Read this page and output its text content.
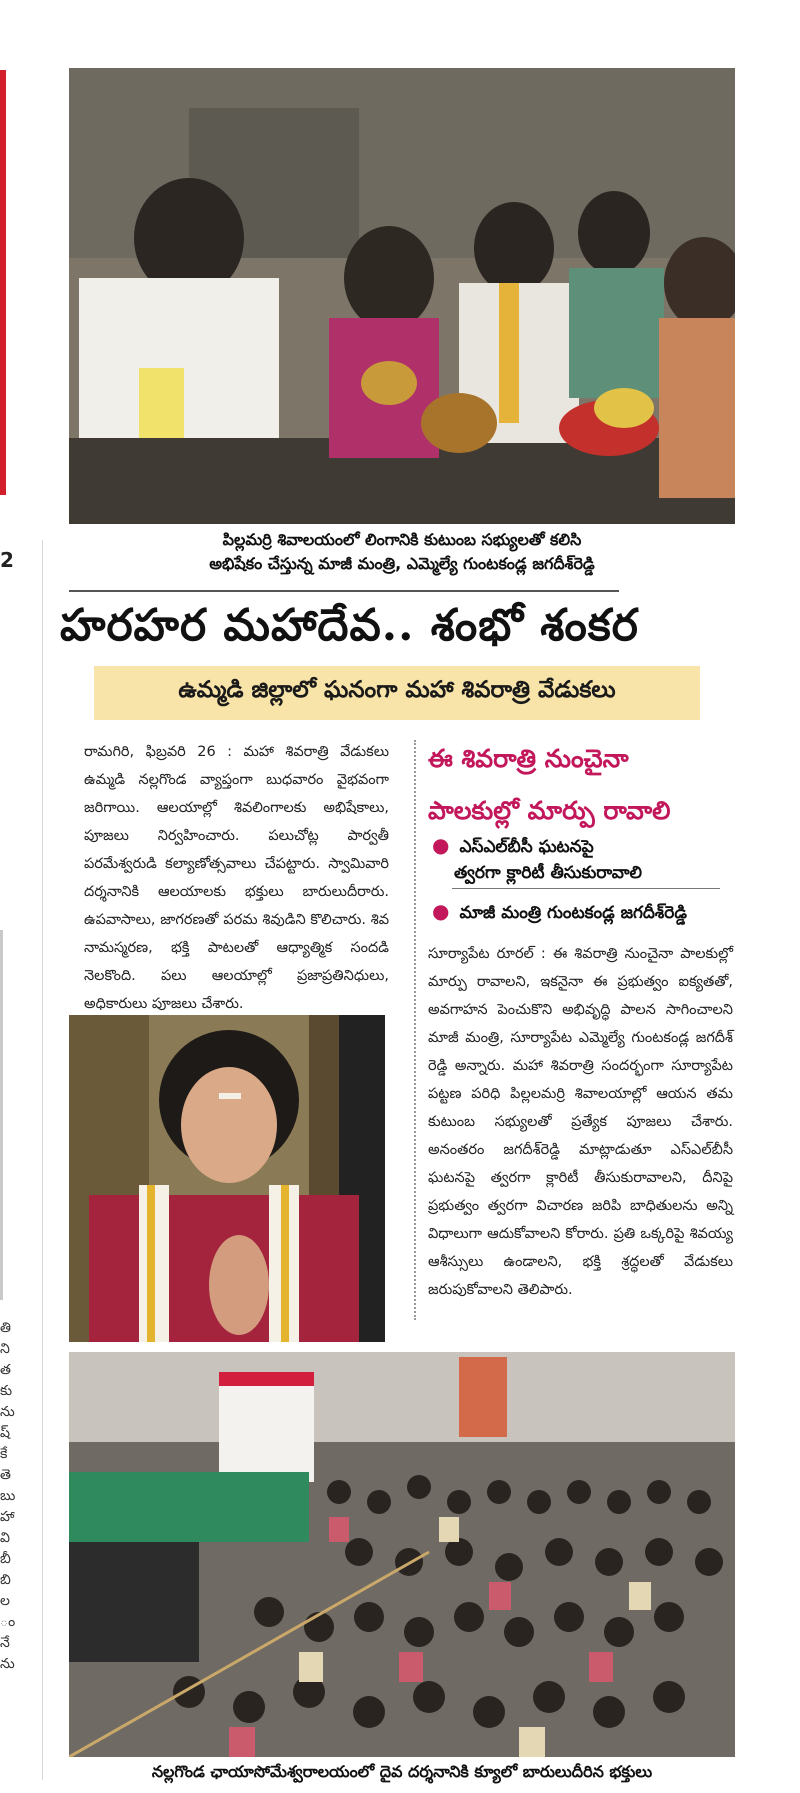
2
తి
ని
త
కు
ను
ష్
కే
తె
బు
హా
వి
బీ
బి
ల
ం
నే
ను
పిల్లమర్రి శివాలయంలో లింగానికి కుటుంబ సభ్యులతో కలిసి
అభిషేకం చేస్తున్న మాజీ మంత్రి, ఎమ్మెల్యే గుంటకండ్ల జగదీశ్‌రెడ్డి
హరహర మహాదేవ.. శంభో శంకర
ఉమ్మడి జిల్లాలో ఘనంగా మహా శివరాత్రి వేడుకలు
రామగిరి, ఫిబ్రవరి 26 : మహా శివరాత్రి వేడుకలు ఉమ్మడి నల్లగొండ వ్యాప్తంగా బుధవారం వైభవంగా జరిగాయి. ఆలయాల్లో శివలింగాలకు అభిషేకాలు, పూజలు నిర్వహించారు. పలుచోట్ల పార్వతీ పరమేశ్వరుడి కల్యాణోత్సవాలు చేపట్టారు. స్వామివారి దర్శనానికి ఆలయాలకు భక్తులు బారులుదీరారు. ఉపవాసాలు, జాగరణతో పరమ శివుడిని కొలిచారు. శివ నామస్మరణ, భక్తి పాటలతో ఆధ్యాత్మిక సందడి నెలకొంది. పలు ఆలయాల్లో ప్రజాప్రతినిధులు, అధికారులు పూజలు చేశారు.
ఈ శివరాత్రి నుంచైనా
పాలకుల్లో మార్పు రావాలి
● ఎస్‌ఎల్‌బీసీ ఘటనపై
త్వరగా క్లారిటీ తీసుకురావాలి
● మాజీ మంత్రి గుంటకండ్ల జగదీశ్‌రెడ్డి
సూర్యాపేట రూరల్ : ఈ శివరాత్రి నుంచైనా పాలకుల్లో మార్పు రావాలని, ఇకనైనా ఈ ప్రభుత్వం ఐక్యతతో, అవగాహన పెంచుకొని అభివృద్ధి పాలన సాగించాలని మాజీ మంత్రి, సూర్యాపేట ఎమ్మెల్యే గుంటకండ్ల జగదీశ్ రెడ్డి అన్నారు. మహా శివరాత్రి సందర్భంగా సూర్యాపేట పట్టణ పరిధి పిల్లలమర్రి శివాలయాల్లో ఆయన తమ కుటుంబ సభ్యులతో ప్రత్యేక పూజలు చేశారు. అనంతరం జగదీశ్‌రెడ్డి మాట్లాడుతూ ఎస్‌ఎల్‌బీసీ ఘటనపై త్వరగా క్లారిటీ తీసుకురావాలని, దీనిపై ప్రభుత్వం త్వరగా విచారణ జరిపి బాధితులను అన్ని విధాలుగా ఆదుకోవాలని కోరారు. ప్రతి ఒక్కరిపై శివయ్య ఆశీస్సులు ఉండాలని, భక్తి శ్రద్ధలతో వేడుకలు జరుపుకోవాలని తెలిపారు.
నల్లగొండ ఛాయాసోమేశ్వరాలయంలో దైవ దర్శనానికి క్యూలో బారులుదీరిన భక్తులు
